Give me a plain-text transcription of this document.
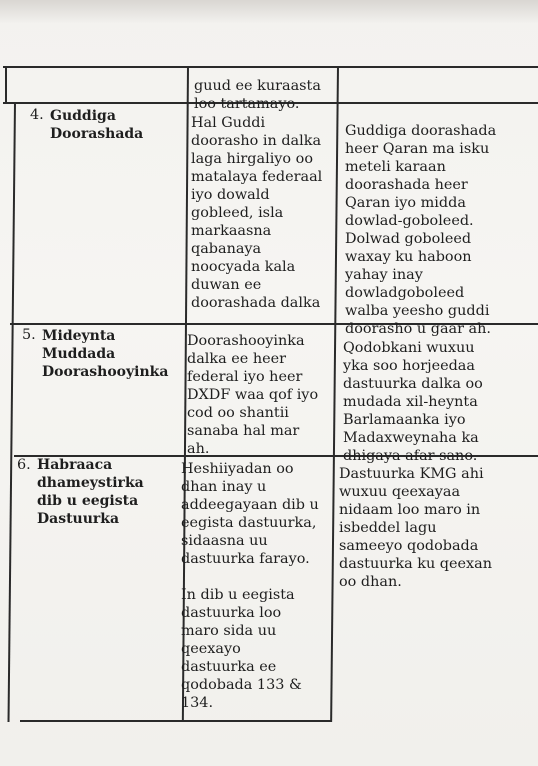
guud ee kuraasta
loo tartamayo.
4. Guddiga
Doorashada
Hal Guddi
doorasho in dalka
laga hirgaliyo oo
matalaya federaal
iyo dowald
gobleed, isla
markaasna
qabanaya
noocyada kala
duwan ee
doorashada dalka
Guddiga doorashada
heer Qaran ma isku
meteli karaan
doorashada heer
Qaran iyo midda
dowlad-goboleed.
Dolwad goboleed
waxay ku haboon
yahay inay
dowladgoboleed
walba yeesho guddi
doorasho u gaar ah.
5. Mideynta
Muddada
Doorashooyinka
Doorashooyinka
dalka ee heer
federal iyo heer
DXDF waa qof iyo
cod oo shantii
sanaba hal mar
ah.
Qodobkani wuxuu
yka soo horjeedaa
dastuurka dalka oo
mudada xil-heynta
Barlamaanka iyo
Madaxweynaha ka
dhigaya afar sano.
6. Habraaca
dhameystirka
dib u eegista
Dastuurka
Heshiiyadan oo
dhan inay u
addeegayaan dib u
eegista dastuurka,
sidaasna uu
dastuurka farayo.
In dib u eegista
dastuurka loo
maro sida uu
qeexayo
dastuurka ee
qodobada 133 &
134.
Dastuurka KMG ahi
wuxuu qeexayaa
nidaam loo maro in
isbeddel lagu
sameeyo qodobada
dastuurka ku qeexan
oo dhan.
